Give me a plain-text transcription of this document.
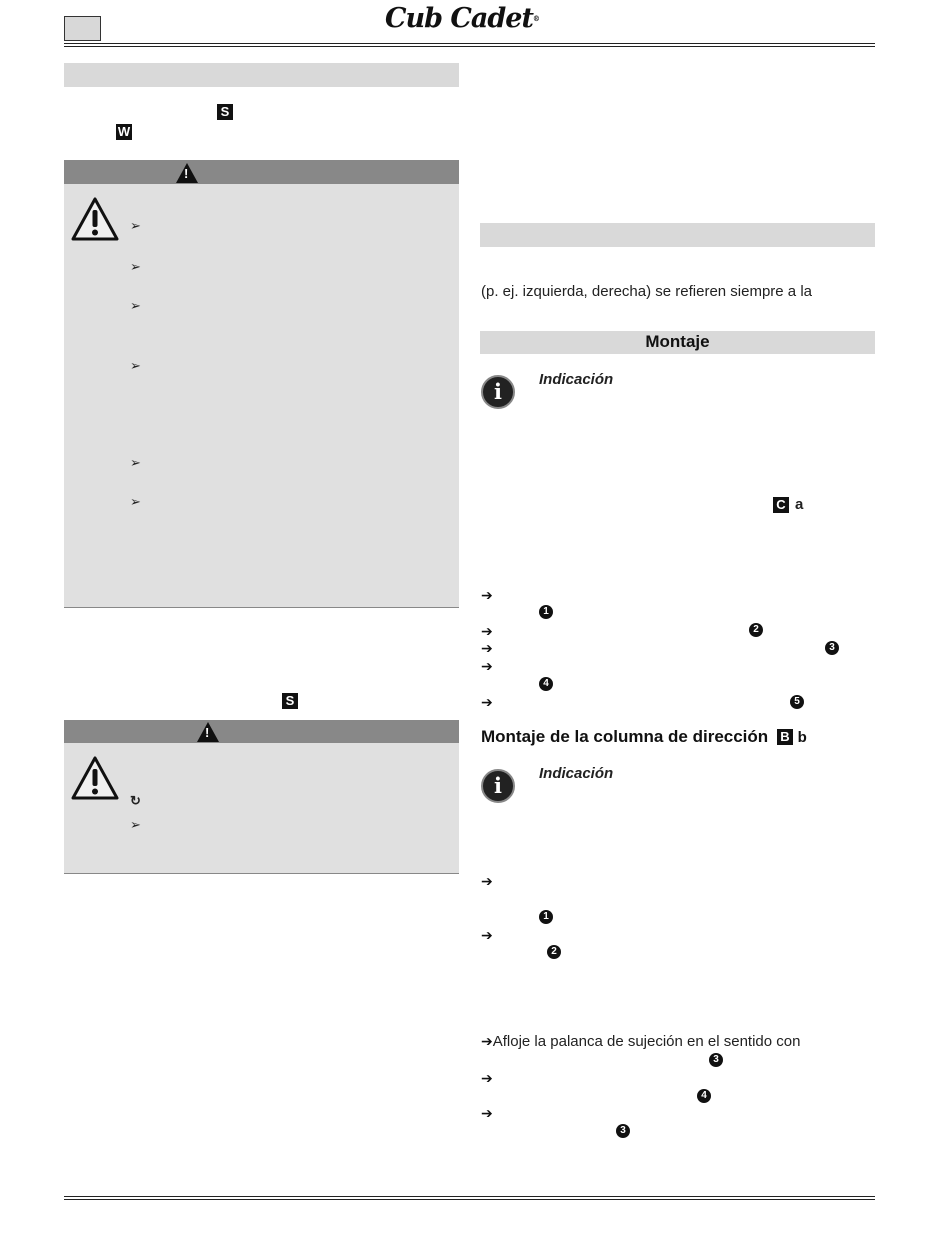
Cub Cadet®
S
W
!
➢
➢
➢
➢
➢
➢
S
!
↻
➢
(p. ej. izquierda, derecha) se refieren siempre a la
Montaje
i	Indicación
C a
➔
1
➔	2
➔	3
➔
4
➔	5
Montaje de la columna de dirección B b
i	Indicación
➔
1
➔
2
➔Afloje la palanca de sujeción en el sentido con
3
➔
4
➔
3
